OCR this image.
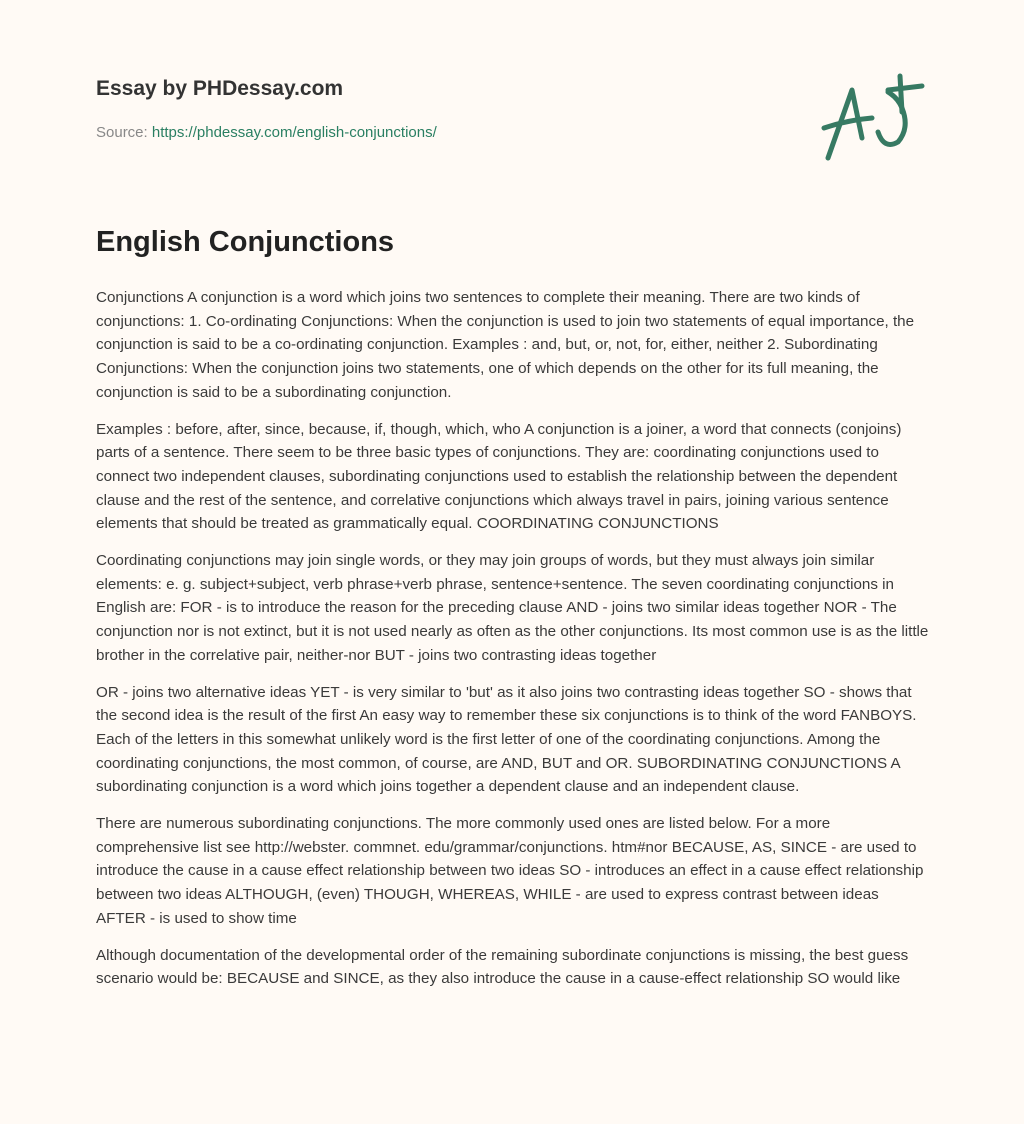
Essay by PHDessay.com
Source: https://phdessay.com/english-conjunctions/
English Conjunctions

Conjunctions A conjunction is a word which joins two sentences to complete their meaning. There are two kinds of conjunctions: 1. Co-ordinating Conjunctions: When the conjunction is used to join two statements of equal importance, the conjunction is said to be a co-ordinating conjunction. Examples : and, but, or, not, for, either, neither 2. Subordinating Conjunctions: When the conjunction joins two statements, one of which depends on the other for its full meaning, the conjunction is said to be a subordinating conjunction.

Examples : before, after, since, because, if, though, which, who A conjunction is a joiner, a word that connects (conjoins) parts of a sentence. There seem to be three basic types of conjunctions. They are: coordinating conjunctions used to connect two independent clauses, subordinating conjunctions used to establish the relationship between the dependent clause and the rest of the sentence, and correlative conjunctions which always travel in pairs, joining various sentence elements that should be treated as grammatically equal. COORDINATING CONJUNCTIONS

Coordinating conjunctions may join single words, or they may join groups of words, but they must always join similar elements: e. g. subject+subject, verb phrase+verb phrase, sentence+sentence. The seven coordinating conjunctions in English are: FOR - is to introduce the reason for the preceding clause AND - joins two similar ideas together NOR - The conjunction nor is not extinct, but it is not used nearly as often as the other conjunctions. Its most common use is as the little brother in the correlative pair, neither-nor BUT - joins two contrasting ideas together

OR - joins two alternative ideas YET - is very similar to 'but' as it also joins two contrasting ideas together SO - shows that the second idea is the result of the first An easy way to remember these six conjunctions is to think of the word FANBOYS. Each of the letters in this somewhat unlikely word is the first letter of one of the coordinating conjunctions. Among the coordinating conjunctions, the most common, of course, are AND, BUT and OR. SUBORDINATING CONJUNCTIONS A subordinating conjunction is a word which joins together a dependent clause and an independent clause.

There are numerous subordinating conjunctions. The more commonly used ones are listed below. For a more comprehensive list see http://webster. commnet. edu/grammar/conjunctions. htm#nor BECAUSE, AS, SINCE - are used to introduce the cause in a cause effect relationship between two ideas SO - introduces an effect in a cause effect relationship between two ideas ALTHOUGH, (even) THOUGH, WHEREAS, WHILE - are used to express contrast between ideas AFTER - is used to show time

Although documentation of the developmental order of the remaining subordinate conjunctions is missing, the best guess scenario would be: BECAUSE and SINCE, as they also introduce the cause in a cause-effect relationship SO would like
